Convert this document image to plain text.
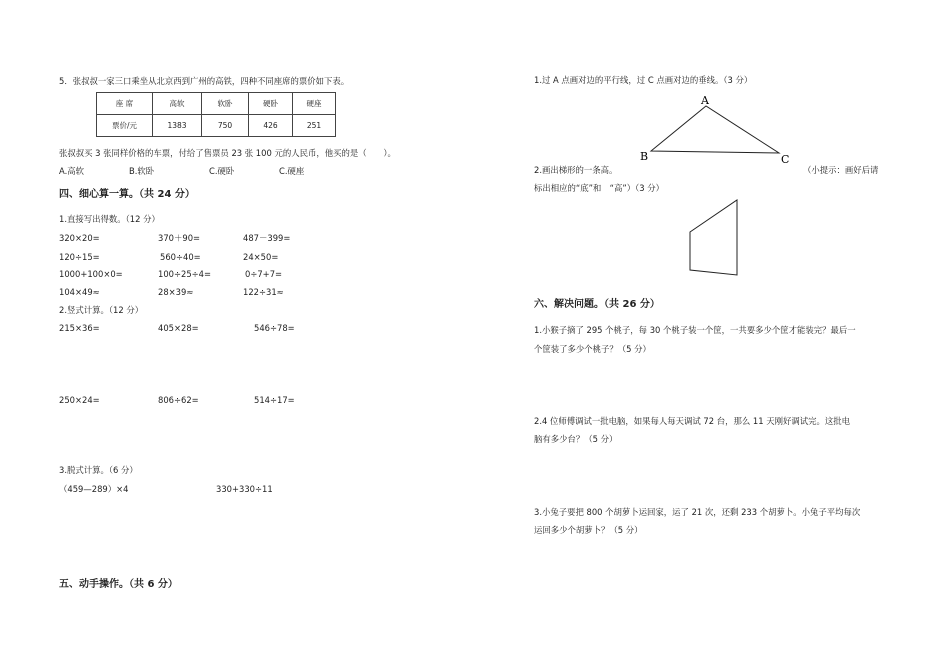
5．张叔叔一家三口乘坐从北京西到广州的高铁，四种不同座席的票价如下表。
座 席	高软	软卧	硬卧	硬座
票价/元	1383	750	426	251
张叔叔买 3 张同样价格的车票，付给了售票员 23 张 100 元的人民币，他买的是（　　）。
A.高软	B.软卧	C.硬卧	C.硬座
四、细心算一算。（共 24 分）
1.直接写出得数。（12 分）
320×20=	370＋90=	487－399=
120÷15=	560÷40=	24×50=
1000+100×0=	100÷25÷4=	0÷7+7=
104×49≈	28×39≈	122÷31≈
2.竖式计算。（12 分）
215×36=	405×28=	546÷78=
250×24=	806÷62=	514÷17=
3.脱式计算。（6 分）
（459—289）×4	330+330÷11
五、动手操作。（共 6 分）
1.过 A 点画对边的平行线，过 C 点画对边的垂线。（3 分）
A
B	C
2.画出梯形的一条高。	（小提示：画好后请
标出相应的“底”和　“高”）（3 分）
六、解决问题。（共 26 分）
1.小猴子摘了 295 个桃子，每 30 个桃子装一个筐，一共要多少个筐才能装完？最后一
个筐装了多少个桃子？（5 分）
2.4 位师傅调试一批电脑，如果每人每天调试 72 台，那么 11 天刚好调试完。这批电
脑有多少台？（5 分）
3.小兔子要把 800 个胡萝卜运回家，运了 21 次，还剩 233 个胡萝卜。小兔子平均每次
运回多少个胡萝卜？（5 分）
